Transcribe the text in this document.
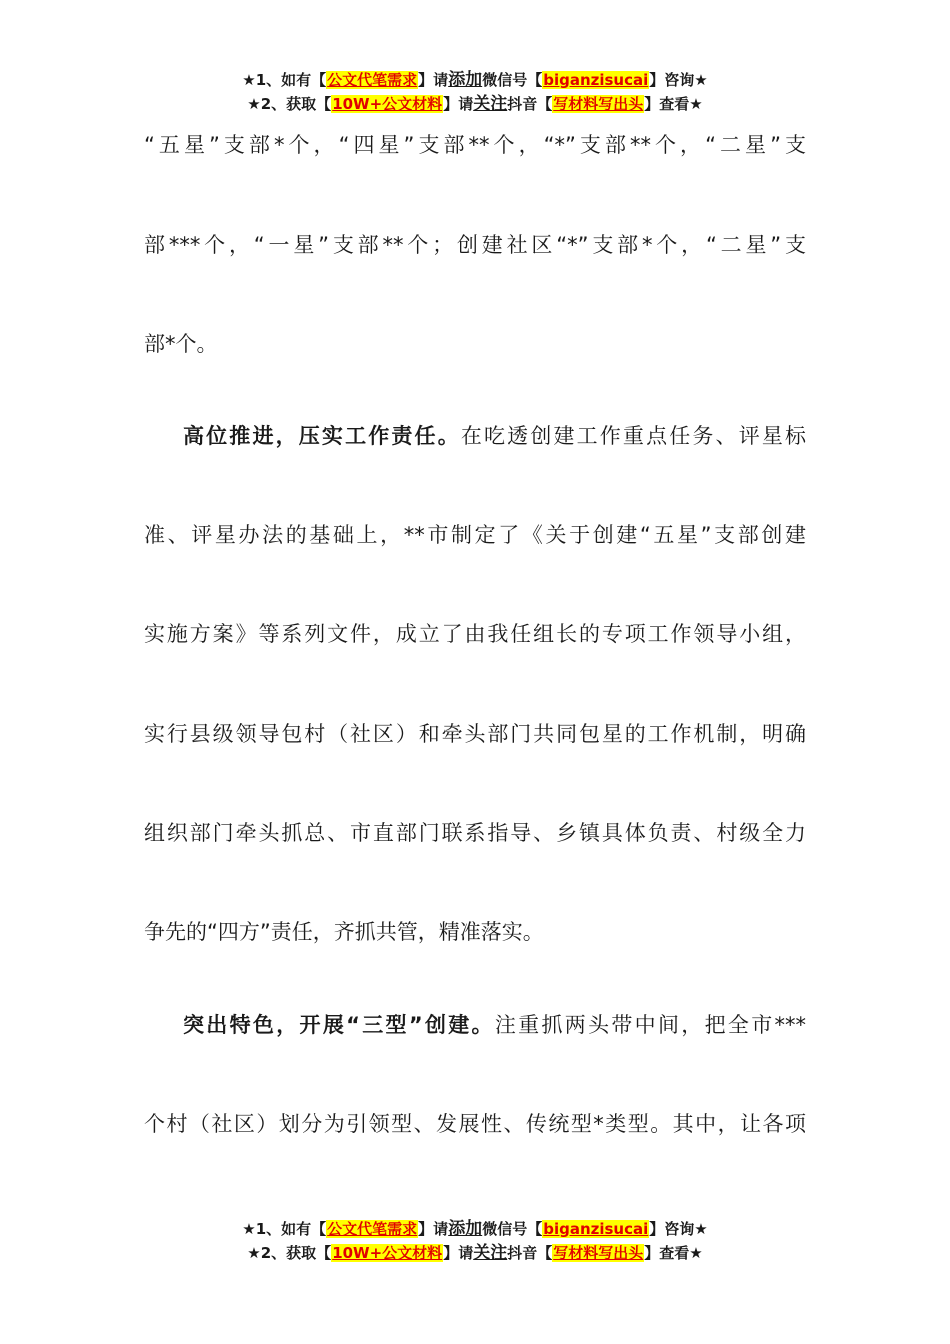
★1、如有【公文代笔需求】请添加微信号【biganzisucai】咨询★
★2、获取【10W+公文材料】请关注抖音【写材料写出头】查看★
“五星”支部*个，“四星”支部**个，“*”支部**个，“二星”支
部***个，“一星”支部**个；创建社区“*”支部*个，“二星”支
部*个。
高位推进，压实工作责任。在吃透创建工作重点任务、评星标
准、评星办法的基础上，**市制定了《关于创建“五星”支部创建
实施方案》等系列文件，成立了由我任组长的专项工作领导小组，
实行县级领导包村（社区）和牵头部门共同包星的工作机制，明确
组织部门牵头抓总、市直部门联系指导、乡镇具体负责、村级全力
争先的“四方”责任，齐抓共管，精准落实。
突出特色，开展“三型”创建。注重抓两头带中间，把全市***
个村（社区）划分为引领型、发展性、传统型*类型。其中，让各项
★1、如有【公文代笔需求】请添加微信号【biganzisucai】咨询★
★2、获取【10W+公文材料】请关注抖音【写材料写出头】查看★
